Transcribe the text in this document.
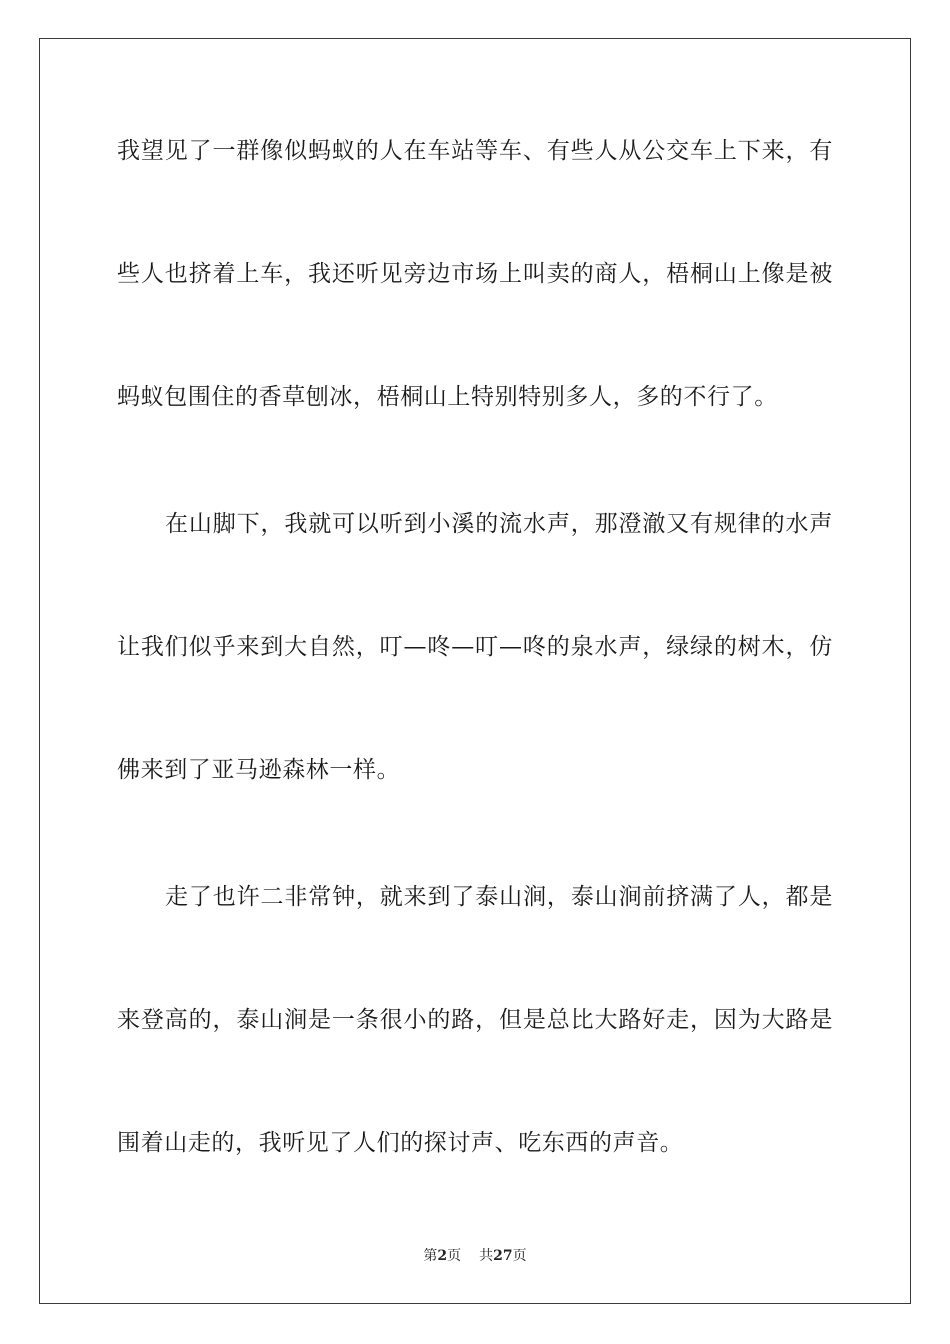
我望见了一群像似蚂蚁的人在车站等车、有些人从公交车上下来，有
些人也挤着上车，我还听见旁边市场上叫卖的商人，梧桐山上像是被
蚂蚁包围住的香草刨冰，梧桐山上特别特别多人，多的不行了。
在山脚下，我就可以听到小溪的流水声，那澄澈又有规律的水声
让我们似乎来到大自然，叮—咚—叮—咚的泉水声，绿绿的树木，仿
佛来到了亚马逊森林一样。
走了也许二非常钟，就来到了泰山涧，泰山涧前挤满了人，都是
来登高的，泰山涧是一条很小的路，但是总比大路好走，因为大路是
围着山走的，我听见了人们的探讨声、吃东西的声音。
第2页 共27页
